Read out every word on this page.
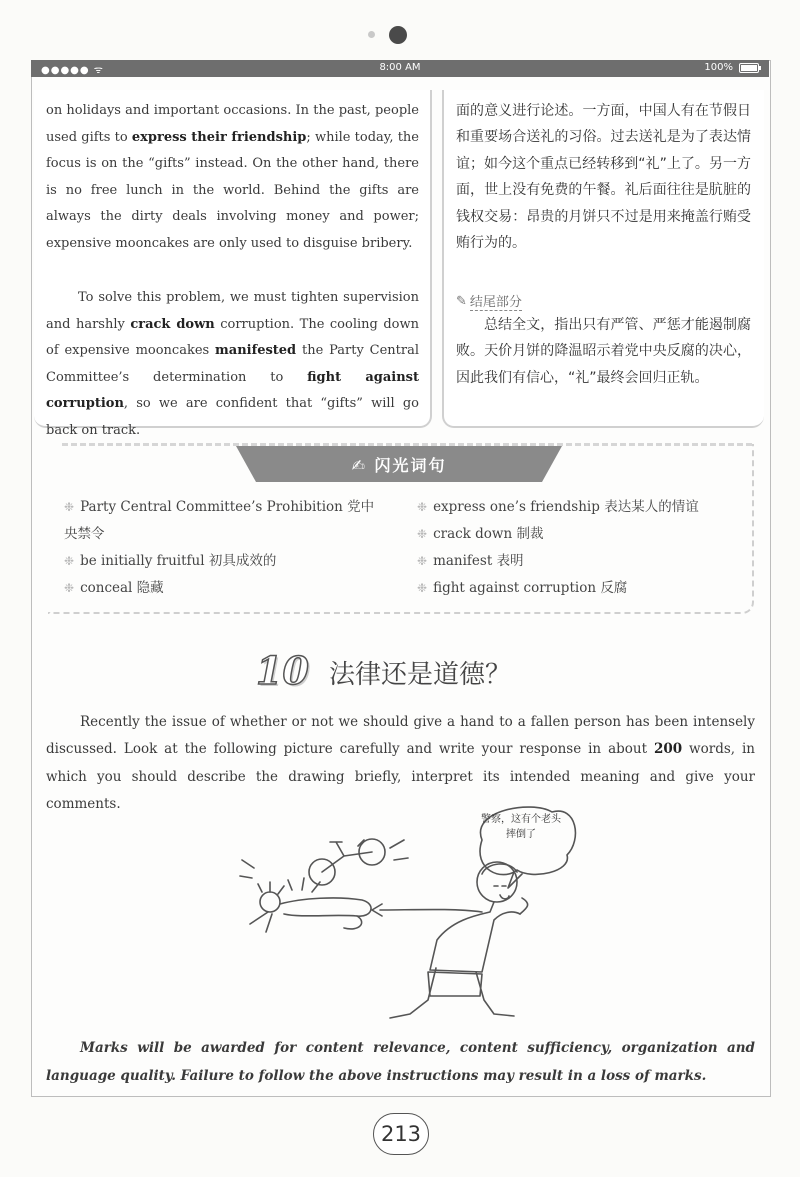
●●●●● ᯤ	8:00 AM	100%
on holidays and important occasions. In the past, people used gifts to express their friendship; while today, the focus is on the “gifts” instead. On the other hand, there is no free lunch in the world. Behind the gifts are always the dirty deals involving money and power; expensive mooncakes are only used to disguise bribery.
To solve this problem, we must tighten supervision and harshly crack down corruption. The cooling down of expensive mooncakes manifested the Party Central Committee’s determination to fight against corruption, so we are confident that “gifts” will go back on track.
面的意义进行论述。一方面，中国人有在节假日和重要场合送礼的习俗。过去送礼是为了表达情谊；如今这个重点已经转移到“礼”上了。另一方面，世上没有免费的午餐。礼后面往往是肮脏的钱权交易：昂贵的月饼只不过是用来掩盖行贿受贿行为的。
✎ 结尾部分
总结全文，指出只有严管、严惩才能遏制腐败。天价月饼的降温昭示着党中央反腐的决心，因此我们有信心，“礼”最终会回归正轨。
✍ 闪光词句
❉ Party Central Committee’s Prohibition 党中
央禁令
❉ be initially fruitful 初具成效的
❉ conceal 隐藏
❉ express one’s friendship 表达某人的情谊
❉ crack down 制裁
❉ manifest 表明
❉ fight against corruption 反腐
10 法律还是道德？
Recently the issue of whether or not we should give a hand to a fallen person has been intensely discussed. Look at the following picture carefully and write your response in about 200 words, in which you should describe the drawing briefly, interpret its intended meaning and give your comments.
警察，这有个老头摔倒了
Marks will be awarded for content relevance, content sufficiency, organization and language quality. Failure to follow the above instructions may result in a loss of marks.
213
